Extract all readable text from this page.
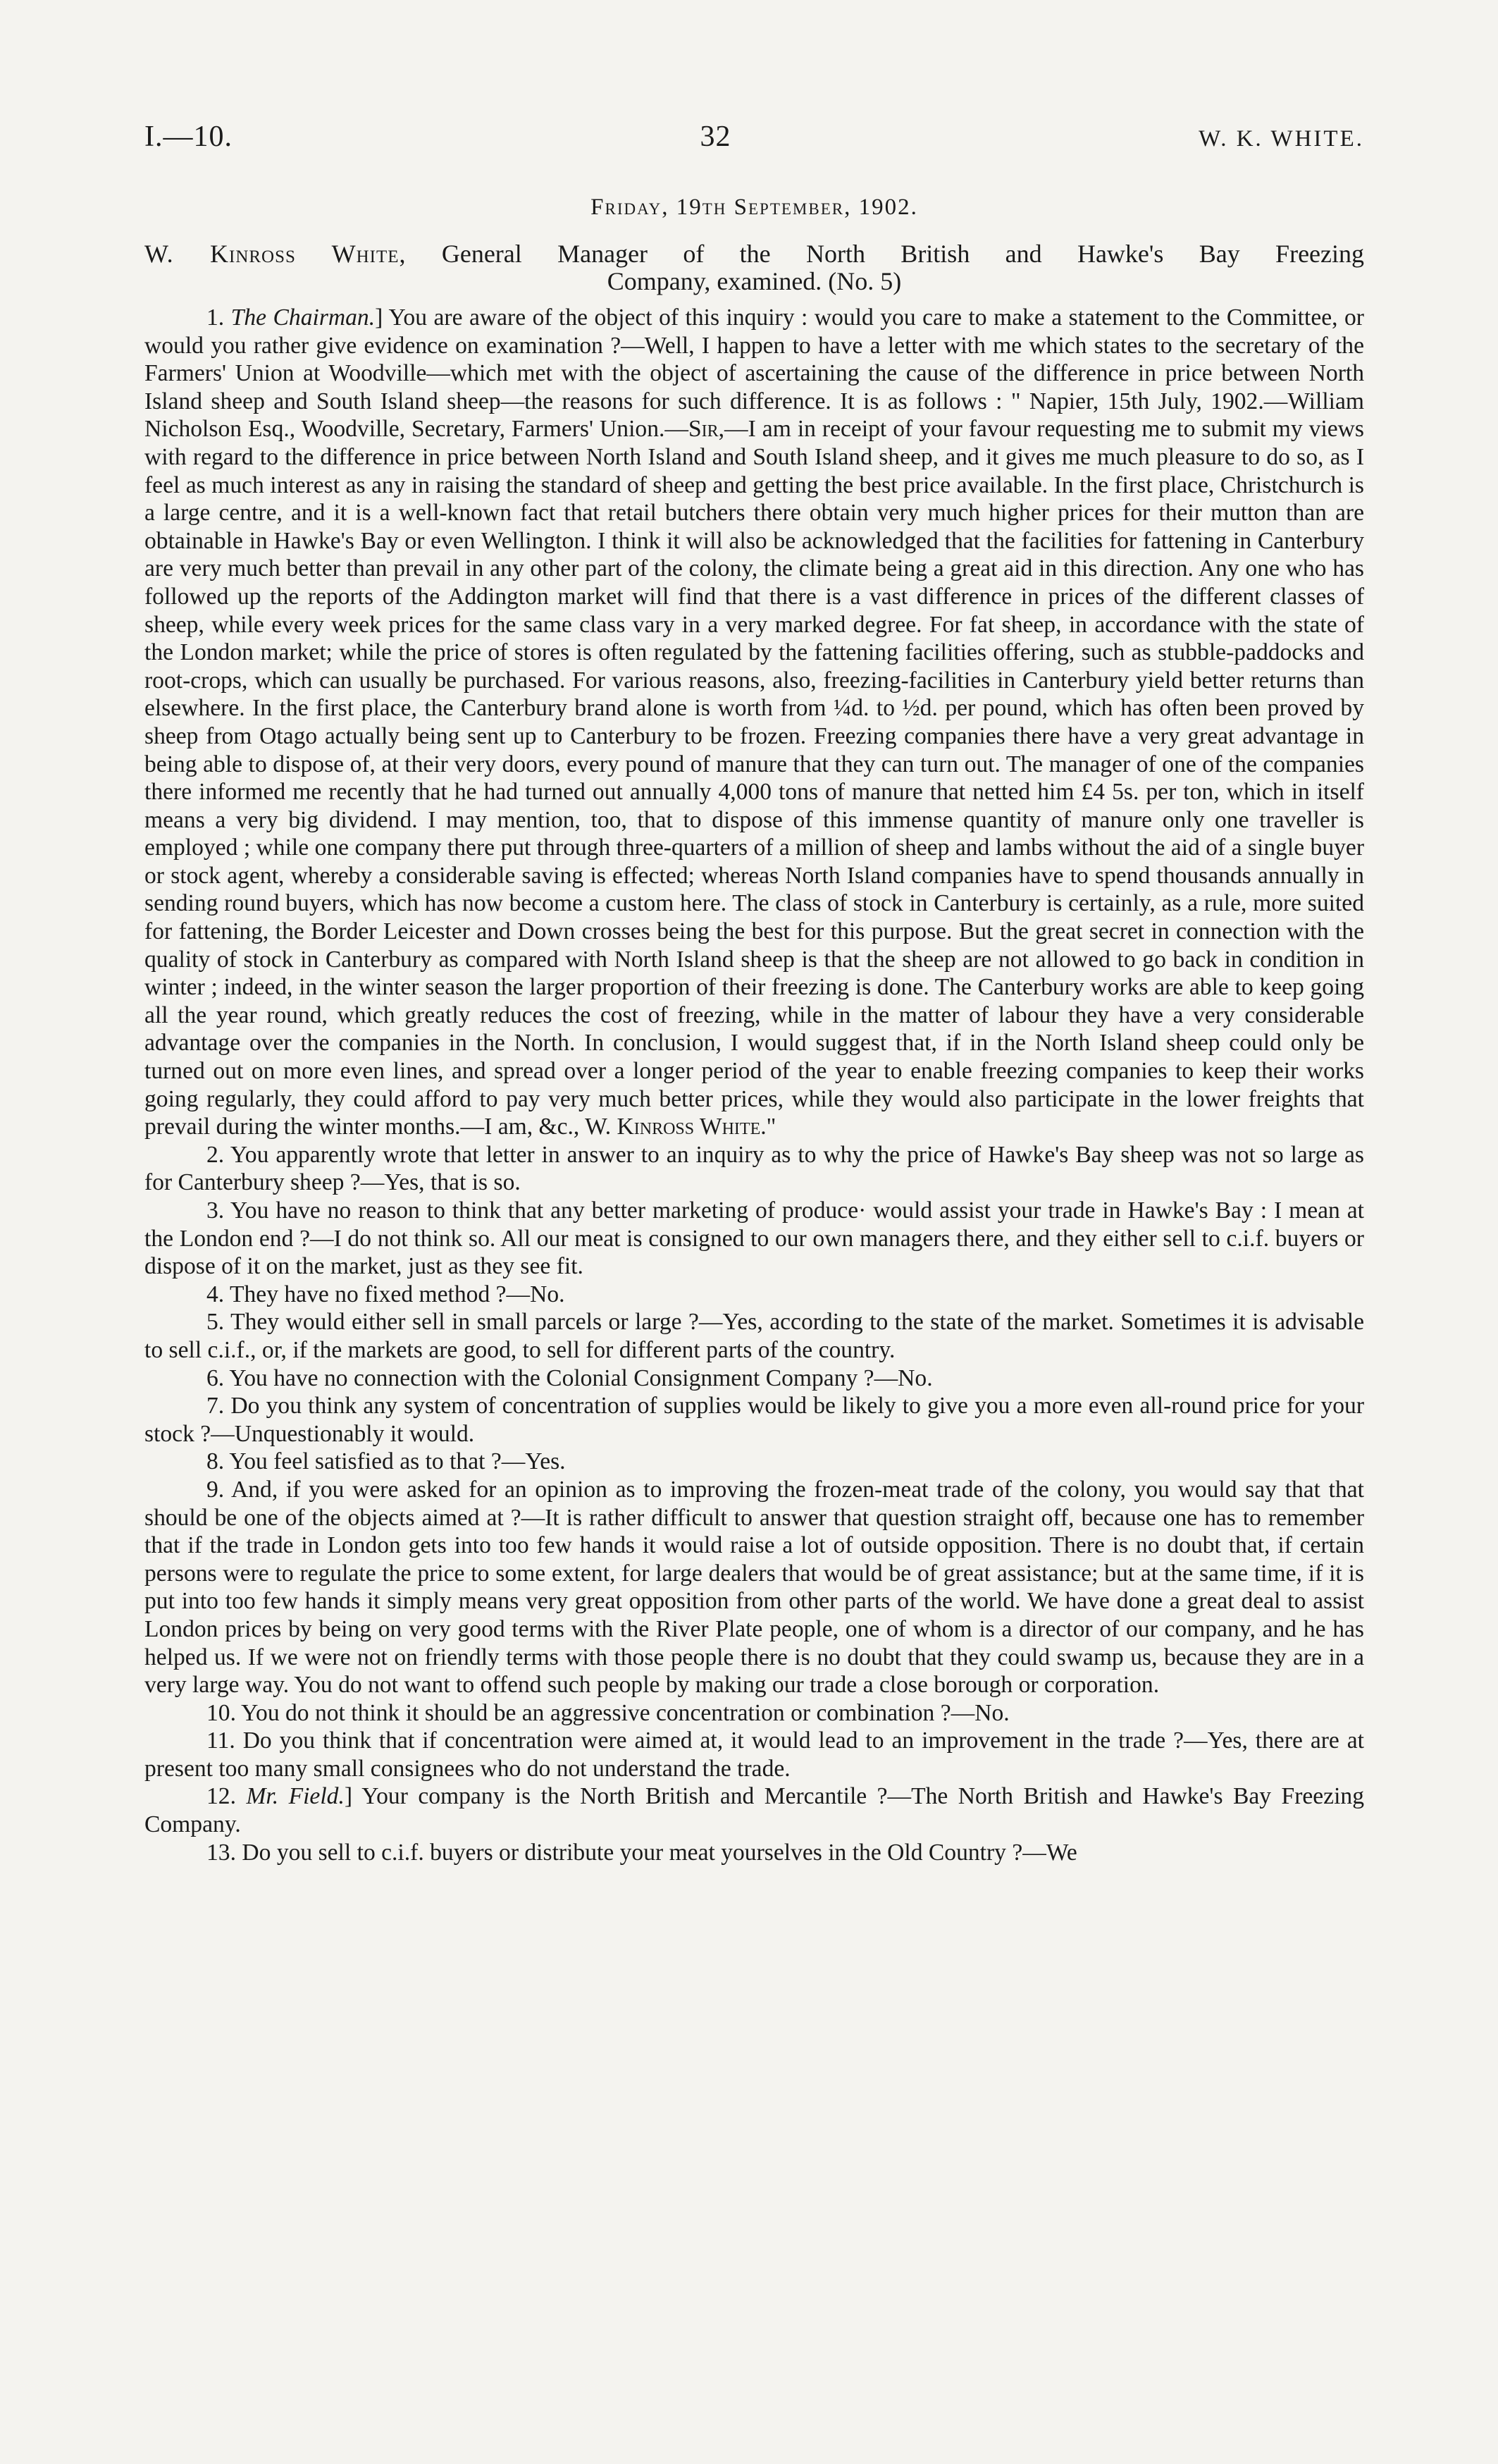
I.—10.	32	W. K. WHITE.
Friday, 19th September, 1902.
W. Kinross White, General Manager of the North British and Hawke's Bay Freezing
Company, examined. (No. 5)

1. The Chairman.] You are aware of the object of this inquiry : would you care to make a statement to the Committee, or would you rather give evidence on examination ?—Well, I happen to have a letter with me which states to the secretary of the Farmers' Union at Woodville—which met with the object of ascertaining the cause of the difference in price between North Island sheep and South Island sheep—the reasons for such difference. It is as follows : " Napier, 15th July, 1902.—William Nicholson Esq., Woodville, Secretary, Farmers' Union.—Sir,—I am in receipt of your favour requesting me to submit my views with regard to the difference in price between North Island and South Island sheep, and it gives me much pleasure to do so, as I feel as much interest as any in raising the standard of sheep and getting the best price available. In the first place, Christchurch is a large centre, and it is a well-known fact that retail butchers there obtain very much higher prices for their mutton than are obtainable in Hawke's Bay or even Wellington. I think it will also be acknowledged that the facilities for fattening in Canterbury are very much better than prevail in any other part of the colony, the climate being a great aid in this direction. Any one who has followed up the reports of the Addington market will find that there is a vast difference in prices of the different classes of sheep, while every week prices for the same class vary in a very marked degree. For fat sheep, in accordance with the state of the London market; while the price of stores is often regulated by the fattening facilities offering, such as stubble-paddocks and root-crops, which can usually be purchased. For various reasons, also, freezing-facilities in Canterbury yield better returns than elsewhere. In the first place, the Canterbury brand alone is worth from ¼d. to ½d. per pound, which has often been proved by sheep from Otago actually being sent up to Canterbury to be frozen. Freezing companies there have a very great advantage in being able to dispose of, at their very doors, every pound of manure that they can turn out. The manager of one of the companies there informed me recently that he had turned out annually 4,000 tons of manure that netted him £4 5s. per ton, which in itself means a very big dividend. I may mention, too, that to dispose of this immense quantity of manure only one traveller is employed ; while one company there put through three-quarters of a million of sheep and lambs without the aid of a single buyer or stock agent, whereby a considerable saving is effected; whereas North Island companies have to spend thousands annually in sending round buyers, which has now become a custom here. The class of stock in Canterbury is certainly, as a rule, more suited for fattening, the Border Leicester and Down crosses being the best for this purpose. But the great secret in connection with the quality of stock in Canterbury as compared with North Island sheep is that the sheep are not allowed to go back in condition in winter ; indeed, in the winter season the larger proportion of their freezing is done. The Canterbury works are able to keep going all the year round, which greatly reduces the cost of freezing, while in the matter of labour they have a very considerable advantage over the companies in the North. In conclusion, I would suggest that, if in the North Island sheep could only be turned out on more even lines, and spread over a longer period of the year to enable freezing companies to keep their works going regularly, they could afford to pay very much better prices, while they would also participate in the lower freights that prevail during the winter months.—I am, &c., W. Kinross White."

2. You apparently wrote that letter in answer to an inquiry as to why the price of Hawke's Bay sheep was not so large as for Canterbury sheep ?—Yes, that is so.

3. You have no reason to think that any better marketing of produce· would assist your trade in Hawke's Bay : I mean at the London end ?—I do not think so. All our meat is consigned to our own managers there, and they either sell to c.i.f. buyers or dispose of it on the market, just as they see fit.

4. They have no fixed method ?—No.

5. They would either sell in small parcels or large ?—Yes, according to the state of the market. Sometimes it is advisable to sell c.i.f., or, if the markets are good, to sell for different parts of the country.

6. You have no connection with the Colonial Consignment Company ?—No.

7. Do you think any system of concentration of supplies would be likely to give you a more even all-round price for your stock ?—Unquestionably it would.

8. You feel satisfied as to that ?—Yes.

9. And, if you were asked for an opinion as to improving the frozen-meat trade of the colony, you would say that that should be one of the objects aimed at ?—It is rather difficult to answer that question straight off, because one has to remember that if the trade in London gets into too few hands it would raise a lot of outside opposition. There is no doubt that, if certain persons were to regulate the price to some extent, for large dealers that would be of great assistance; but at the same time, if it is put into too few hands it simply means very great opposition from other parts of the world. We have done a great deal to assist London prices by being on very good terms with the River Plate people, one of whom is a director of our company, and he has helped us. If we were not on friendly terms with those people there is no doubt that they could swamp us, because they are in a very large way. You do not want to offend such people by making our trade a close borough or corporation.

10. You do not think it should be an aggressive concentration or combination ?—No.

11. Do you think that if concentration were aimed at, it would lead to an improvement in the trade ?—Yes, there are at present too many small consignees who do not understand the trade.

12. Mr. Field.] Your company is the North British and Mercantile ?—The North British and Hawke's Bay Freezing Company.

13. Do you sell to c.i.f. buyers or distribute your meat yourselves in the Old Country ?—We
